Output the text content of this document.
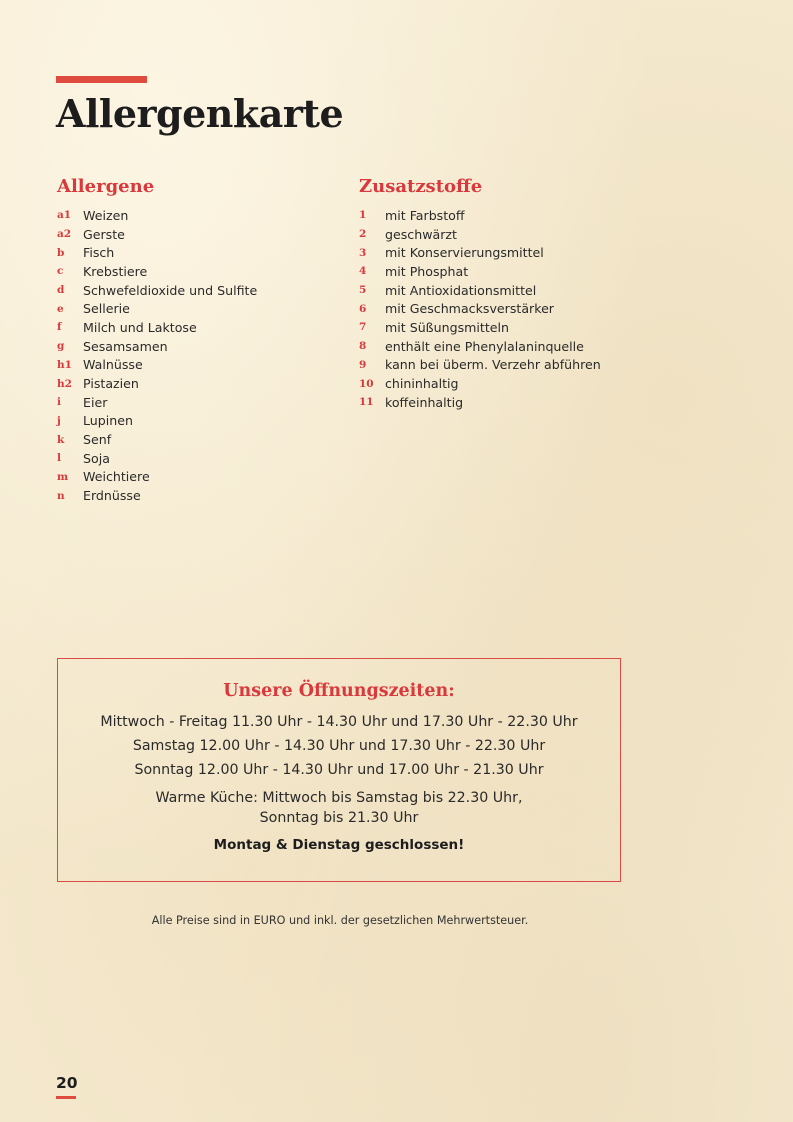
Allergenkarte
Allergene
a1 Weizen
a2 Gerste
b	Fisch
c	Krebstiere
d	Schwefeldioxide und Sulfite
e	Sellerie
f	Milch und Laktose
g	Sesamsamen
h1 Walnüsse
h2 Pistazien
i	Eier
j	Lupinen
k	Senf
l	Soja
m	Weichtiere
n	Erdnüsse
Zusatzstoffe
1	mit Farbstoff
2	geschwärzt
3	mit Konservierungsmittel
4	mit Phosphat
5	mit Antioxidationsmittel
6	mit Geschmacksverstärker
7	mit Süßungsmitteln
8	enthält eine Phenylalaninquelle
9	kann bei überm. Verzehr abführen
10 chininhaltig
11 koffeinhaltig
Unsere Öffnungszeiten:
Mittwoch - Freitag 11.30 Uhr - 14.30 Uhr und 17.30 Uhr - 22.30 Uhr
Samstag 12.00 Uhr - 14.30 Uhr und 17.30 Uhr - 22.30 Uhr
Sonntag 12.00 Uhr - 14.30 Uhr und 17.00 Uhr - 21.30 Uhr
Warme Küche: Mittwoch bis Samstag bis 22.30 Uhr,
Sonntag bis 21.30 Uhr
Montag & Dienstag geschlossen!
Alle Preise sind in EURO und inkl. der gesetzlichen Mehrwertsteuer.

20
